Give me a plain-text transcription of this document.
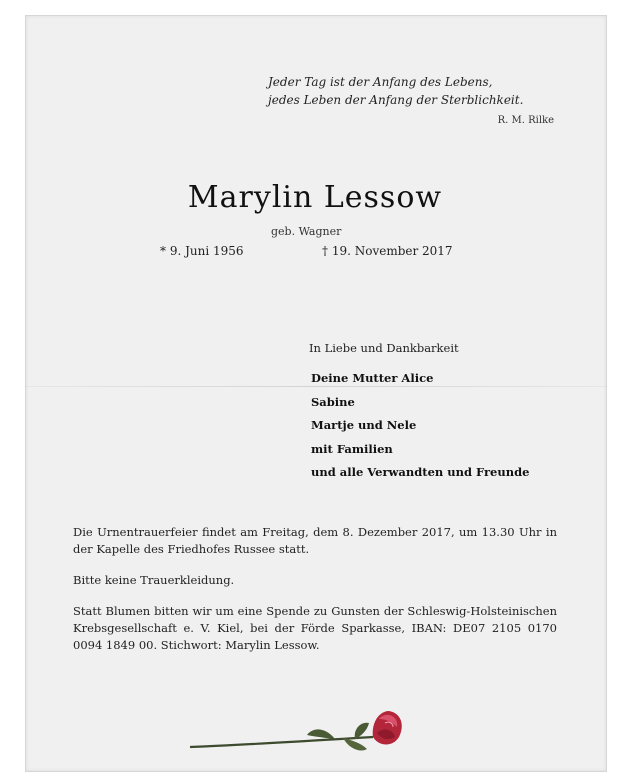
Jeder Tag ist der Anfang des Lebens,
jedes Leben der Anfang der Sterblichkeit.
R. M. Rilke
Marylin Lessow
geb. Wagner
* 9. Juni 1956	† 19. November 2017
In Liebe und Dankbarkeit
Deine Mutter Alice
Sabine
Martje und Nele
mit Familien
und alle Verwandten und Freunde
Die Urnentrauerfeier findet am Freitag, dem 8. Dezember 2017, um 13.30 Uhr in der Kapelle des Friedhofes Russee statt.
Bitte keine Trauerkleidung.
Statt Blumen bitten wir um eine Spende zu Gunsten der Schleswig-Holsteinischen Krebsgesellschaft e. V. Kiel, bei der Förde Sparkasse, IBAN: DE07 2105 0170 0094 1849 00. Stichwort: Marylin Lessow.
